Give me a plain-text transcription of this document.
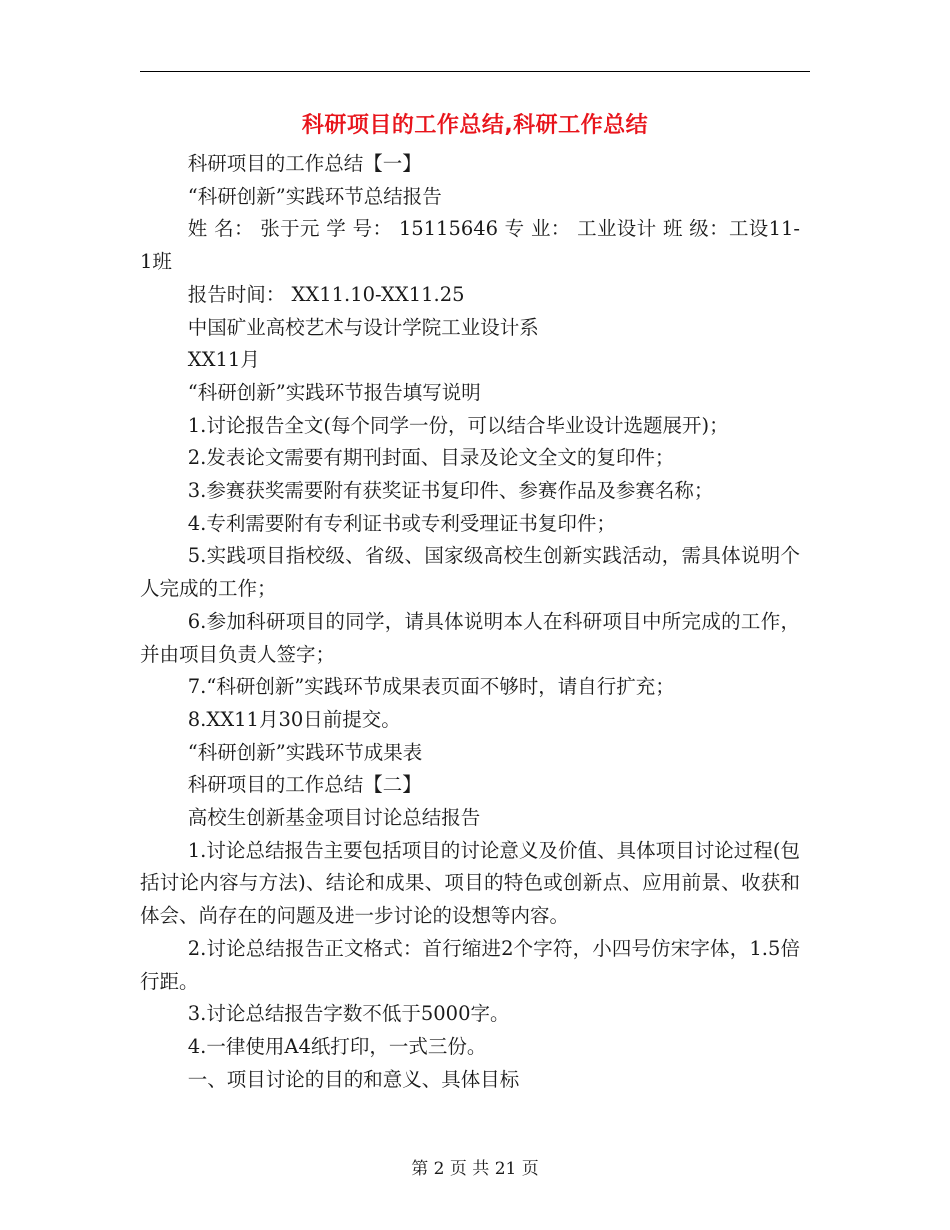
科研项目的工作总结,科研工作总结

科研项目的工作总结【一】

“科研创新”实践环节总结报告

姓 名： 张于元 学 号： 15115646 专 业： 工业设计 班 级：工设11-1班

报告时间： XX11.10-XX11.25

中国矿业高校艺术与设计学院工业设计系

XX11月

“科研创新”实践环节报告填写说明

1.讨论报告全文(每个同学一份，可以结合毕业设计选题展开)；

2.发表论文需要有期刊封面、目录及论文全文的复印件；

3.参赛获奖需要附有获奖证书复印件、参赛作品及参赛名称；

4.专利需要附有专利证书或专利受理证书复印件；

5.实践项目指校级、省级、国家级高校生创新实践活动，需具体说明个人完成的工作；

6.参加科研项目的同学，请具体说明本人在科研项目中所完成的工作，并由项目负责人签字；

7.“科研创新”实践环节成果表页面不够时，请自行扩充；

8.XX11月30日前提交。

“科研创新”实践环节成果表

科研项目的工作总结【二】

高校生创新基金项目讨论总结报告

1.讨论总结报告主要包括项目的讨论意义及价值、具体项目讨论过程(包括讨论内容与方法)、结论和成果、项目的特色或创新点、应用前景、收获和体会、尚存在的问题及进一步讨论的设想等内容。

2.讨论总结报告正文格式：首行缩进2个字符，小四号仿宋字体，1.5倍行距。

3.讨论总结报告字数不低于5000字。

4.一律使用A4纸打印，一式三份。

一、项目讨论的目的和意义、具体目标

第 2 页 共 21 页
